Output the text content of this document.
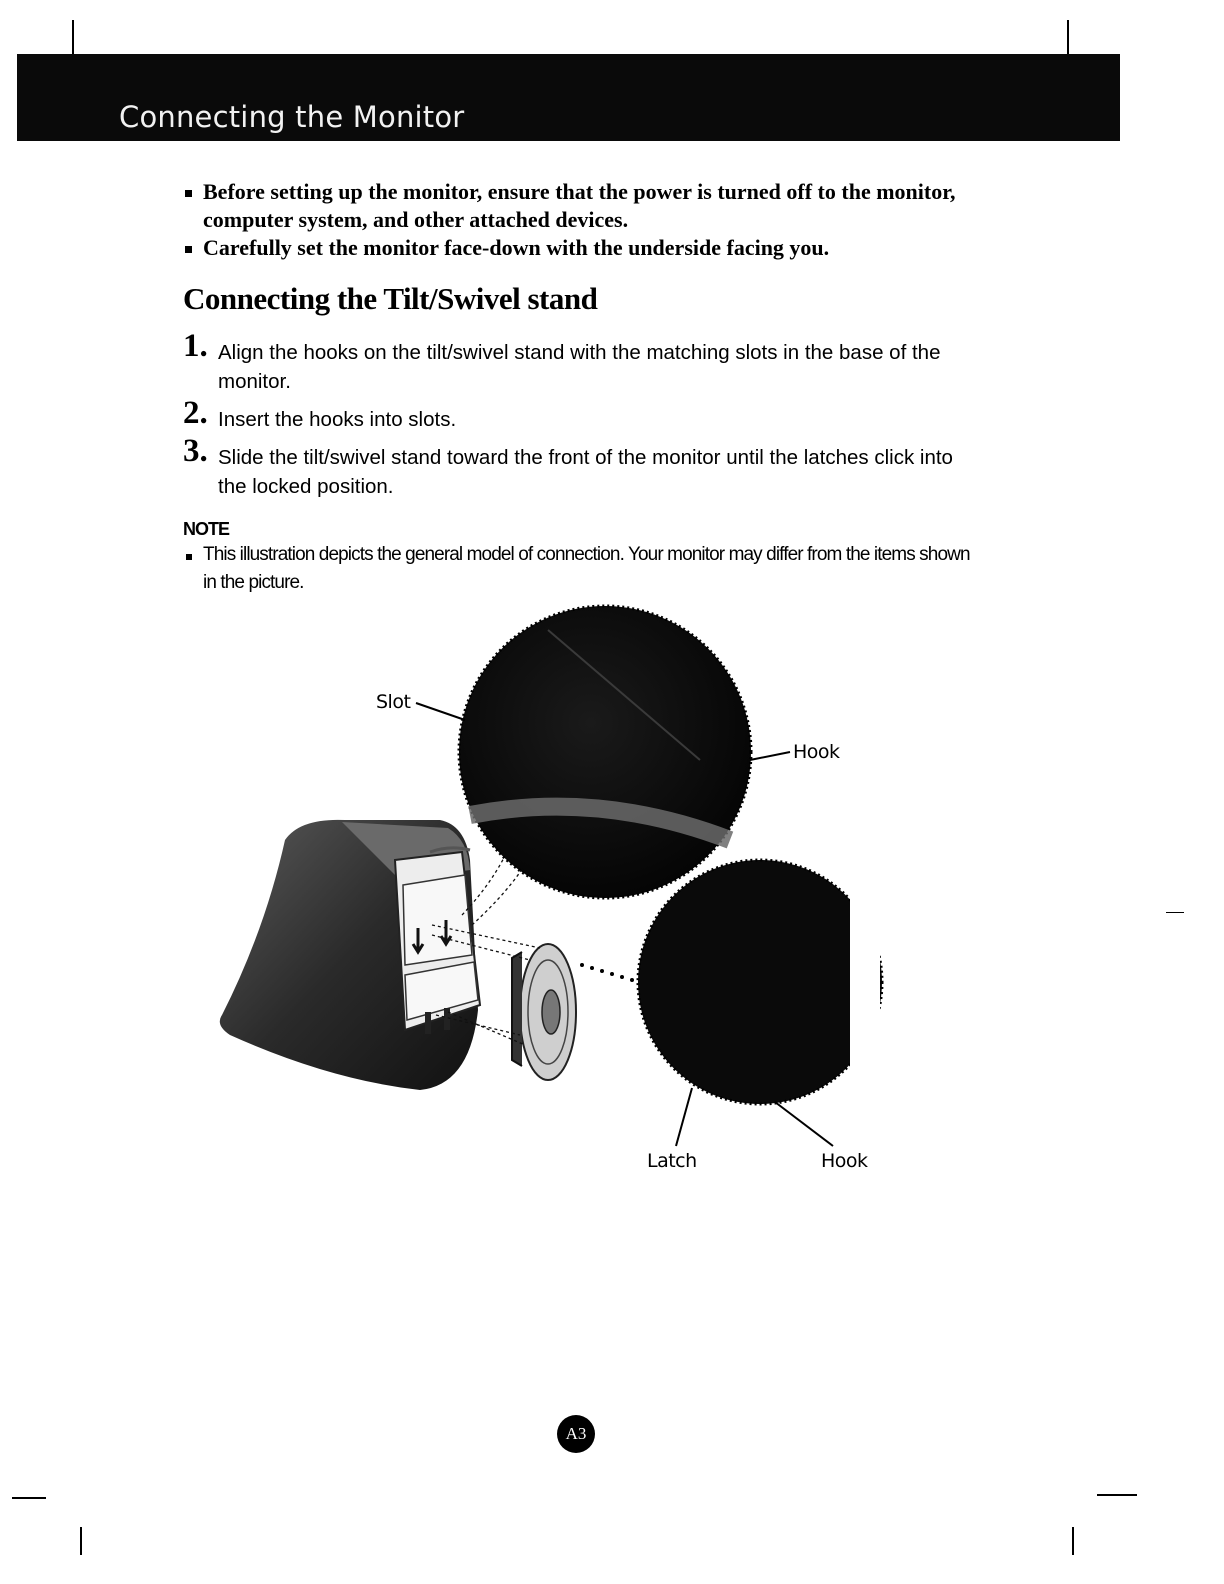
Connecting the Monitor

Before setting up the monitor, ensure that the power is turned off to the monitor, computer system, and other attached devices.

Carefully set the monitor face-down with the underside facing you.

Connecting the Tilt/Swivel stand
1. Align the hooks on the tilt/swivel stand with the matching slots in the base of the monitor.
2. Insert the hooks into slots.
3. Slide the tilt/swivel stand toward the front of the monitor until the latches click into the locked position.
NOTE
This illustration depicts the general model of connection. Your monitor may differ from the items shown in the picture.
Slot
Hook
Latch	Hook
A3
